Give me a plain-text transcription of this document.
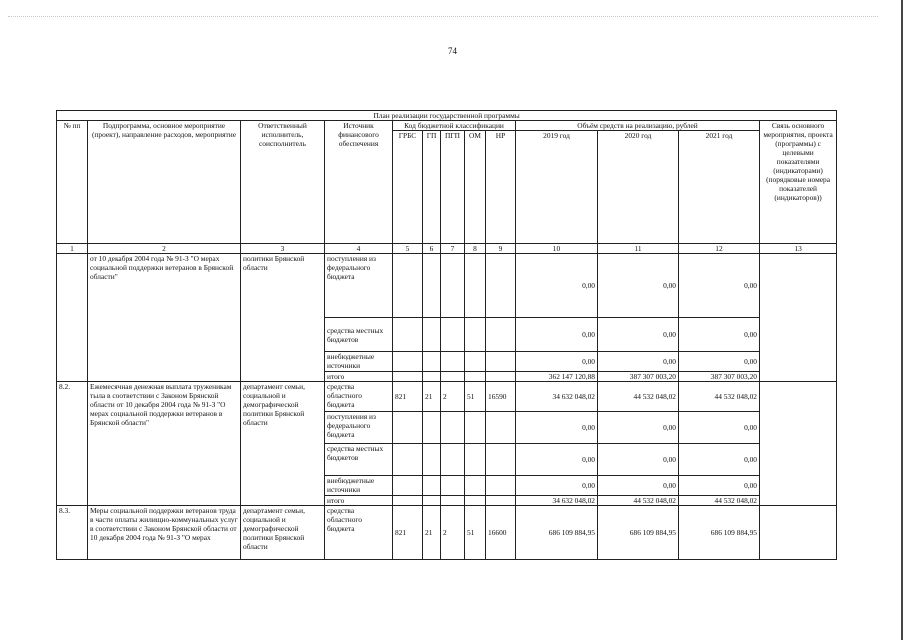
74
План реализации государственной программы												
№ пп	Подпрограмма, основное мероприятие (проект), направление расходов, мероприятие	Ответственный исполнитель, соисполнитель	Источник финансового обеспечения	Код бюджетной классификации					Объём средств на реализацию, рублей			Связь основного мероприятия, проекта (программы) с целевыми показателями (индикаторами) (порядковые номера показателей (индикаторов))
				ГРБС	ГП	ПГП	ОМ	НР	2019 год	2020 год	2021 год	
1	2	3	4	5	6	7	8	9	10	11	12	13
	от 10 декабря 2004 года № 91-З "О мерах социальной поддержки ветеранов в Брянской области"	политики Брянской области	поступления из федерального бюджета						0,00	0,00	0,00	
			средства местных бюджетов						0,00	0,00	0,00	
			внебюджетные источники						0,00	0,00	0,00	
			итого						362 147 120,88	387 307 003,20	387 307 003,20	
8.2.	Ежемесячная денежная выплата труженикам тыла в соответствии с Законом Брянской области от 10 декабря 2004 года № 91-З "О мерах социальной поддержки ветеранов в Брянской области"	департамент семьи, социальной и демографической политики Брянской области	средства областного бюджета	821	21	2	51	16590	34 632 048,02	44 532 048,02	44 532 048,02	
			поступления из федерального бюджета						0,00	0,00	0,00	
			средства местных бюджетов						0,00	0,00	0,00	
			внебюджетные источники						0,00	0,00	0,00	
			итого						34 632 048,02	44 532 048,02	44 532 048,02	
8.3.	Меры социальной поддержки ветеранов труда в части оплаты жилищно-коммунальных услуг в соответствии с Законом Брянской области от 10 декабря 2004 года № 91-З "О мерах	департамент семьи, социальной и демографической политики Брянской области	средства областного бюджета	821	21	2	51	16600	686 109 884,95	686 109 884,95	686 109 884,95	
